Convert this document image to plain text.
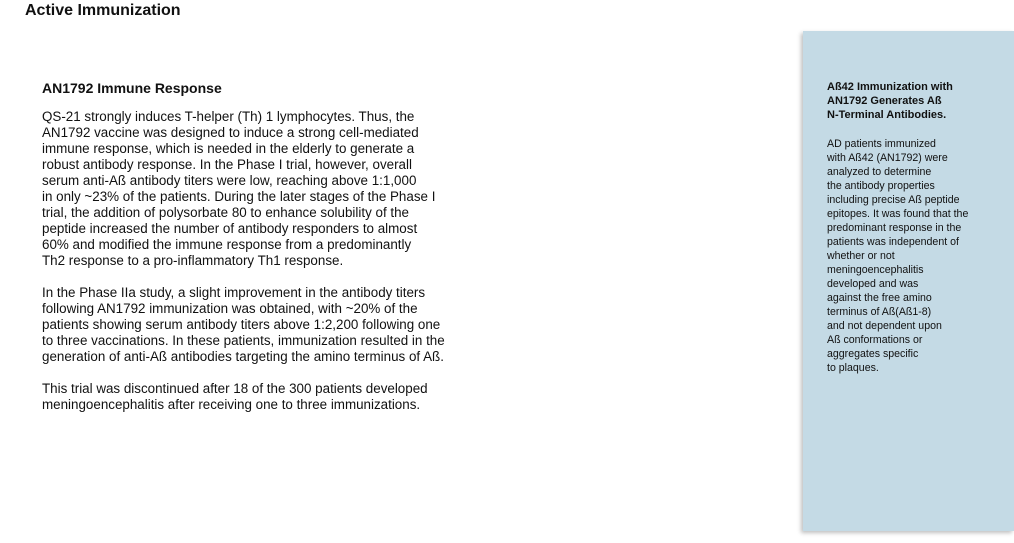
Active Immunization
AN1792 Immune Response

QS-21 strongly induces T-helper (Th) 1 lymphocytes. Thus, the
AN1792 vaccine was designed to induce a strong cell-mediated
immune response, which is needed in the elderly to generate a
robust antibody response. In the Phase I trial, however, overall
serum anti-Aß antibody titers were low, reaching above 1:1,000
in only ~23% of the patients. During the later stages of the Phase I
trial, the addition of polysorbate 80 to enhance solubility of the
peptide increased the number of antibody responders to almost
60% and modified the immune response from a predominantly
Th2 response to a pro-inflammatory Th1 response.

In the Phase IIa study, a slight improvement in the antibody titers
following AN1792 immunization was obtained, with ~20% of the
patients showing serum antibody titers above 1:2,200 following one
to three vaccinations. In these patients, immunization resulted in the
generation of anti-Aß antibodies targeting the amino terminus of Aß.

This trial was discontinued after 18 of the 300 patients developed
meningoencephalitis after receiving one to three immunizations.

Aß42 Immunization with
AN1792 Generates Aß
N-Terminal Antibodies.

AD patients immunized
with Aß42 (AN1792) were
analyzed to determine
the antibody properties
including precise Aß peptide
epitopes. It was found that the
predominant response in the
patients was independent of
whether or not
meningoencephalitis
developed and was
against the free amino
terminus of Aß(Aß1-8)
and not dependent upon
Aß conformations or
aggregates specific
to plaques.
